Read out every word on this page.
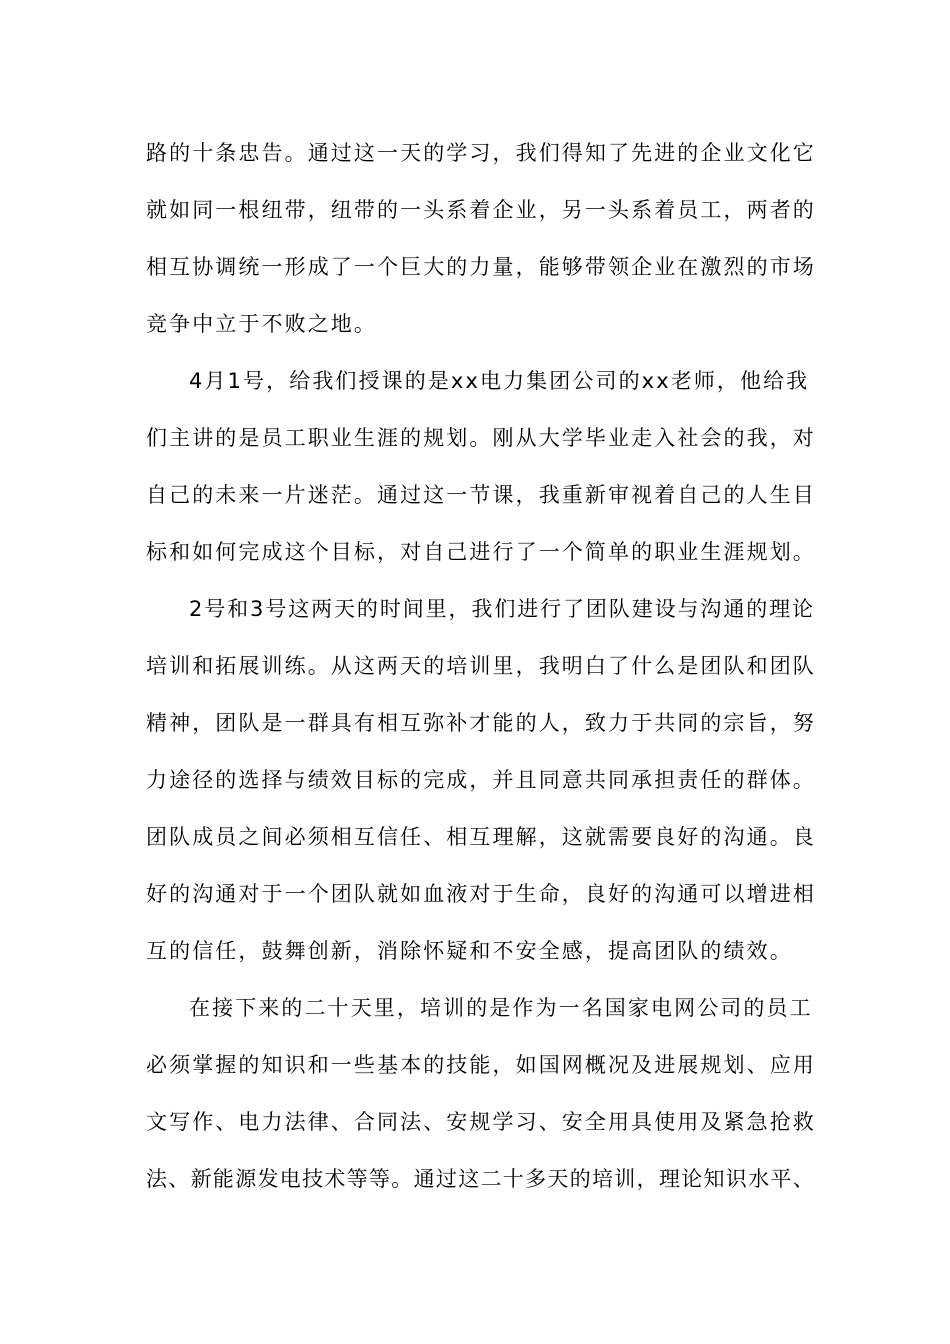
路的十条忠告。通过这一天的学习，我们得知了先进的企业文化它
就如同一根纽带，纽带的一头系着企业，另一头系着员工，两者的
相互协调统一形成了一个巨大的力量，能够带领企业在激烈的市场
竞争中立于不败之地。
4月1号，给我们授课的是xx电力集团公司的xx老师，他给我
们主讲的是员工职业生涯的规划。刚从大学毕业走入社会的我，对
自己的未来一片迷茫。通过这一节课，我重新审视着自己的人生目
标和如何完成这个目标，对自己进行了一个简单的职业生涯规划。
2号和3号这两天的时间里，我们进行了团队建设与沟通的理论
培训和拓展训练。从这两天的培训里，我明白了什么是团队和团队
精神，团队是一群具有相互弥补才能的人，致力于共同的宗旨，努
力途径的选择与绩效目标的完成，并且同意共同承担责任的群体。
团队成员之间必须相互信任、相互理解，这就需要良好的沟通。良
好的沟通对于一个团队就如血液对于生命，良好的沟通可以增进相
互的信任，鼓舞创新，消除怀疑和不安全感，提高团队的绩效。
在接下来的二十天里，培训的是作为一名国家电网公司的员工
必须掌握的知识和一些基本的技能，如国网概况及进展规划、应用
文写作、电力法律、合同法、安规学习、安全用具使用及紧急抢救
法、新能源发电技术等等。通过这二十多天的培训，理论知识水平、
